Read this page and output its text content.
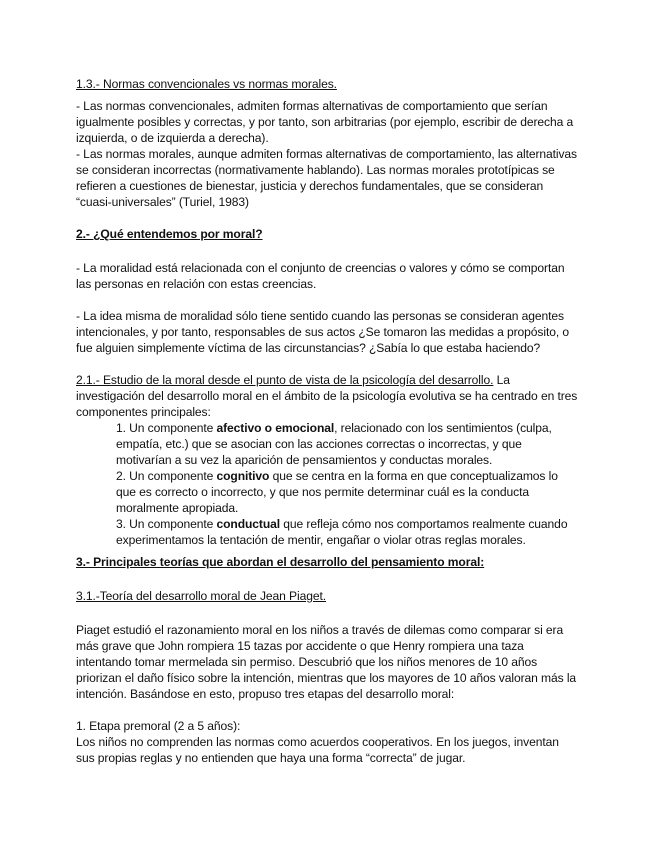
1.3.- Normas convencionales vs normas morales.

- Las normas convencionales, admiten formas alternativas de comportamiento que serían igualmente posibles y correctas, y por tanto, son arbitrarias (por ejemplo, escribir de derecha a izquierda, o de izquierda a derecha).

- Las normas morales, aunque admiten formas alternativas de comportamiento, las alternativas se consideran incorrectas (normativamente hablando). Las normas morales prototípicas se refieren a cuestiones de bienestar, justicia y derechos fundamentales, que se consideran “cuasi-universales” (Turiel, 1983)

2.- ¿Qué entendemos por moral?

- La moralidad está relacionada con el conjunto de creencias o valores y cómo se comportan las personas en relación con estas creencias.

- La idea misma de moralidad sólo tiene sentido cuando las personas se consideran agentes intencionales, y por tanto, responsables de sus actos ¿Se tomaron las medidas a propósito, o fue alguien simplemente víctima de las circunstancias? ¿Sabía lo que estaba haciendo?

2.1.- Estudio de la moral desde el punto de vista de la psicología del desarrollo. La investigación del desarrollo moral en el ámbito de la psicología evolutiva se ha centrado en tres componentes principales:

1. Un componente afectivo o emocional, relacionado con los sentimientos (culpa, empatía, etc.) que se asocian con las acciones correctas o incorrectas, y que motivarían a su vez la aparición de pensamientos y conductas morales.

2. Un componente cognitivo que se centra en la forma en que conceptualizamos lo que es correcto o incorrecto, y que nos permite determinar cuál es la conducta moralmente apropiada.

3. Un componente conductual que refleja cómo nos comportamos realmente cuando experimentamos la tentación de mentir, engañar o violar otras reglas morales.

3.- Principales teorías que abordan el desarrollo del pensamiento moral:

3.1.-Teoría del desarrollo moral de Jean Piaget.

Piaget estudió el razonamiento moral en los niños a través de dilemas como comparar si era más grave que John rompiera 15 tazas por accidente o que Henry rompiera una taza intentando tomar mermelada sin permiso. Descubrió que los niños menores de 10 años priorizan el daño físico sobre la intención, mientras que los mayores de 10 años valoran más la intención. Basándose en esto, propuso tres etapas del desarrollo moral:

1. Etapa premoral (2 a 5 años):

Los niños no comprenden las normas como acuerdos cooperativos. En los juegos, inventan sus propias reglas y no entienden que haya una forma “correcta” de jugar.
